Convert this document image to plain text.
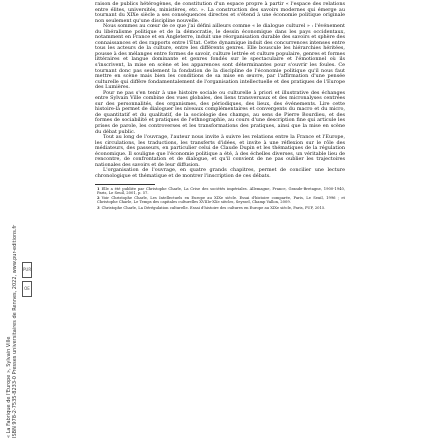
« La Fabrique de l'Europe », Sylvain Ville ISBN 978-2-7535-8233-0 Presses universitaires de Rennes, 2022, www.pur-editions.fr PUR
OE

raison de publics hétérogènes, de constitution d'un espace propre à partir « l'espace des relations entre élites, universités, ministères, etc. ». La construction des savoirs modernes qui émerge au tournant du XIXe siècle a ses conséquences directes et s'étend à une économie politique originale non seulement qu'une discipline nouvelle.

Nous sommes au cœur de ce que j'ai défini ailleurs comme « le dialogue culturel » : l'événement du libéralisme politique et de la démocratie, le dessin économique dans les pays occidentaux, notamment en France et en Angleterre, induit une réorganisation durable des savoirs et sphère des connaissances et des rapports entre l'État. Cette dynamique induit des concurrences intenses entre tous les acteurs de la culture, entre les différents genres. Elle bouscule les hiérarchies héritées, pousse à des mélanges entre formes de savoir, culture lettrée et culture populaire, genres et formes littéraires et langue dominante et genres fondés sur le spectaculaire et l'émotionnel où ils s'inscrivent, la mise en scène et les apparences sont déterminantes pour s'ouvrir les foules. Ce tournant donc pas seulement la fondation de la discipline de l'économie politique qu'il nous faut mettre en scène mais bien les conditions de sa mise en œuvre, par l'affirmation d'une pensée culturelle qui diffère fondamentalement de l'organisation intellectuelle et des pratiques de l'Europe des Lumières.

Pour ne pas s'en tenir à une histoire sociale ou culturelle à priori et illustrative des échanges entre Sylvain Ville combine des vues globales, des liens transversaux et des micronalyses centrées sur des personnalités, des organismes, des périodiques, des lieux, des événements. Lire cette histoire-là permet de dialoguer les niveaux complémentaires et convergents du macro et du micro, de quantitatif et du qualitatif, de la sociologie des champs, au sens de Pierre Bourdieu, et des formes de sociabilité et pratiques de l'ethnographie, au cours d'une description fine qui articule les prises de parole, les controverses et les transformations des pratiques, ainsi que la mise en scène du débat public.

Tout au long de l'ouvrage, l'auteur nous invite à suivre les relations entre la France et l'Europe, les circulations, les traductions, les transferts d'idées, et invite à une réflexion sur le rôle des médiateurs, des passeurs, en particulier celui de Claude Dupin et les thématiques de la régulation économique. Il souligne que l'économie politique a été, à des échelles diverses, un véritable lieu de rencontre, de confrontation et de dialogue, et qu'il convient de ne pas oublier les trajectoires nationales des savoirs et de leur diffusion.

L'organisation de l'ouvrage, en quatre grands chapitres, permet de concilier une lecture chronologique et thématique et de montrer l'inscription de ces débats.

1 Elle a été publiée par Christophe Charle, La Crise des sociétés impériales. Allemagne, France, Grande-Bretagne, 1900-1940, Paris, Le Seuil, 2001, p. 57.

2 Voir Christophe Charle, Les Intellectuels en Europe au XIXe siècle. Essai d'histoire comparée, Paris, Le Seuil, 1996 ; et Christophe Charle, Le Temps des capitales culturelles XVIIIe-XXe siècles, Seyssel, Champ Vallon, 2009.

3 Christophe Charle, La Dérégulation culturelle. Essai d'histoire des cultures en Europe au XIXe siècle, Paris, PUF, 2015.
